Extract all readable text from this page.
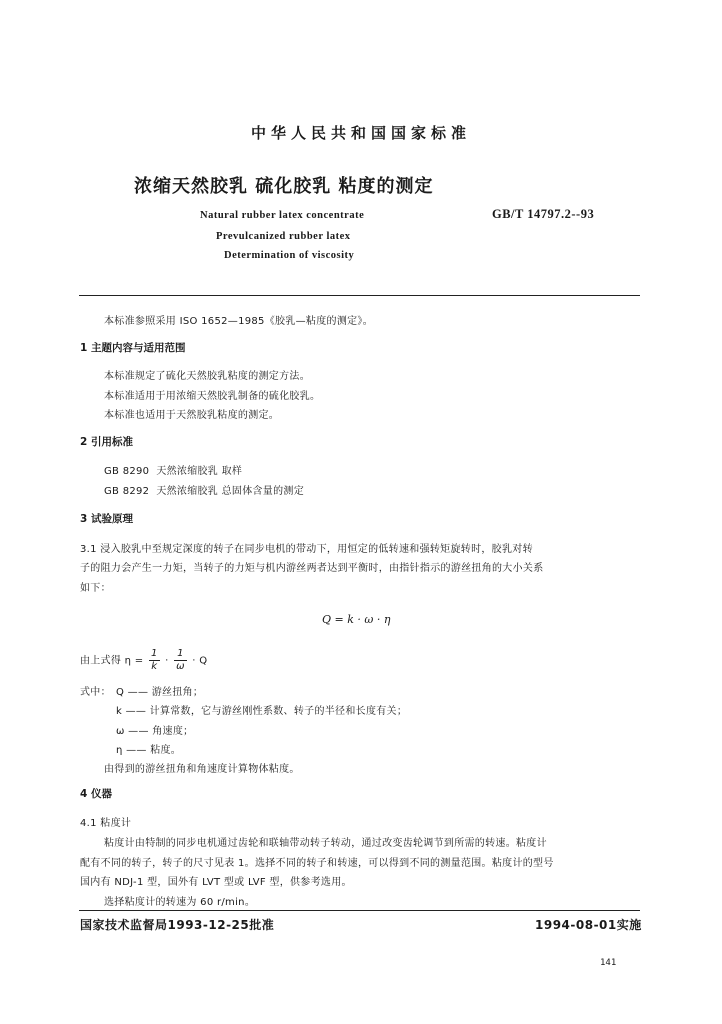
中华人民共和国国家标准
浓缩天然胶乳 硫化胶乳 粘度的测定
Natural rubber latex concentrate
Prevulcanized rubber latex
Determination of viscosity
GB/T 14797.2--93
本标准参照采用 ISO 1652—1985《胶乳—粘度的测定》。
1 主题内容与适用范围
本标准规定了硫化天然胶乳粘度的测定方法。
本标准适用于用浓缩天然胶乳制备的硫化胶乳。
本标准也适用于天然胶乳粘度的测定。
2 引用标准
GB 8290 天然浓缩胶乳 取样
GB 8292 天然浓缩胶乳 总固体含量的测定
3 试验原理
3.1 浸入胶乳中至规定深度的转子在同步电机的带动下，用恒定的低转速和强转矩旋转时，胶乳对转
子的阻力会产生一力矩，当转子的力矩与机内游丝两者达到平衡时，由指针指示的游丝扭角的大小关系
如下：
Q = k · ω · η
由上式得 $\eta = \frac{1}{k} \cdot \frac{1}{\omega} \cdot Q$
式中： Q —— 游丝扭角；
k —— 计算常数，它与游丝刚性系数、转子的半径和长度有关；
ω —— 角速度；
η —— 粘度。
由得到的游丝扭角和角速度计算物体粘度。
4 仪器
4.1 粘度计
粘度计由特制的同步电机通过齿轮和联轴带动转子转动，通过改变齿轮调节到所需的转速。粘度计
配有不同的转子，转子的尺寸见表 1。选择不同的转子和转速，可以得到不同的测量范围。粘度计的型号
国内有 NDJ-1 型，国外有 LVT 型或 LVF 型，供参考选用。
选择粘度计的转速为 60 r/min。
国家技术监督局1993-12-25批准	1994-08-01实施
141
